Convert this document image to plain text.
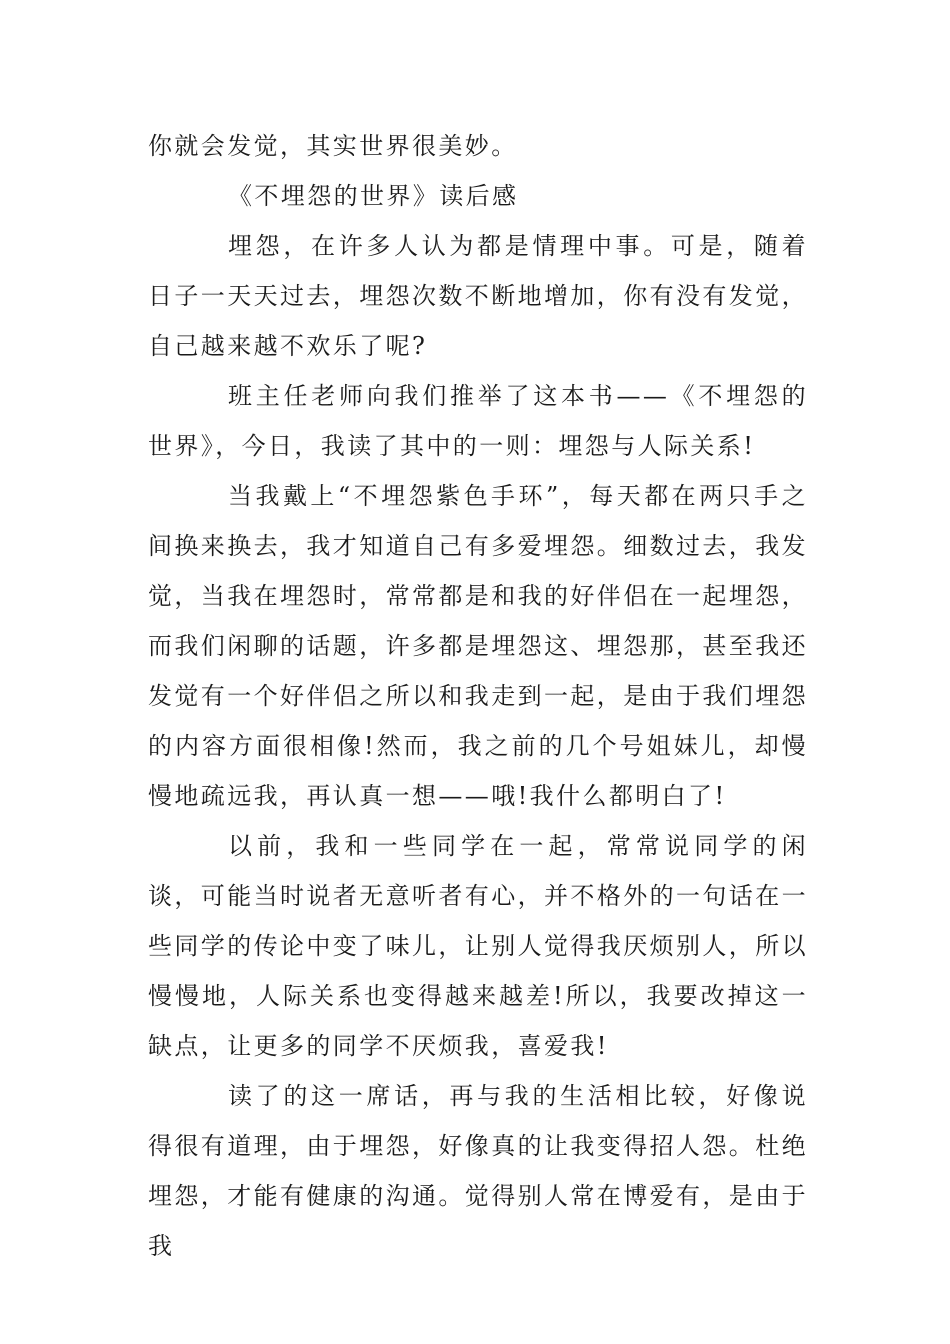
你就会发觉，其实世界很美妙。

《不埋怨的世界》读后感

埋怨，在许多人认为都是情理中事。可是，随着日子一天天过去，埋怨次数不断地增加，你有没有发觉，自己越来越不欢乐了呢?

班主任老师向我们推举了这本书——《不埋怨的世界》，今日，我读了其中的一则：埋怨与人际关系!

当我戴上“不埋怨紫色手环”，每天都在两只手之间换来换去，我才知道自己有多爱埋怨。细数过去，我发觉，当我在埋怨时，常常都是和我的好伴侣在一起埋怨，而我们闲聊的话题，许多都是埋怨这、埋怨那，甚至我还发觉有一个好伴侣之所以和我走到一起，是由于我们埋怨的内容方面很相像!然而，我之前的几个号姐妹儿，却慢慢地疏远我，再认真一想——哦!我什么都明白了!

以前，我和一些同学在一起，常常说同学的闲谈，可能当时说者无意听者有心，并不格外的一句话在一些同学的传论中变了味儿，让别人觉得我厌烦别人，所以慢慢地，人际关系也变得越来越差!所以，我要改掉这一缺点，让更多的同学不厌烦我，喜爱我!

读了的这一席话，再与我的生活相比较，好像说得很有道理，由于埋怨，好像真的让我变得招人怨。杜绝埋怨，才能有健康的沟通。觉得别人常在博爱有，是由于我
